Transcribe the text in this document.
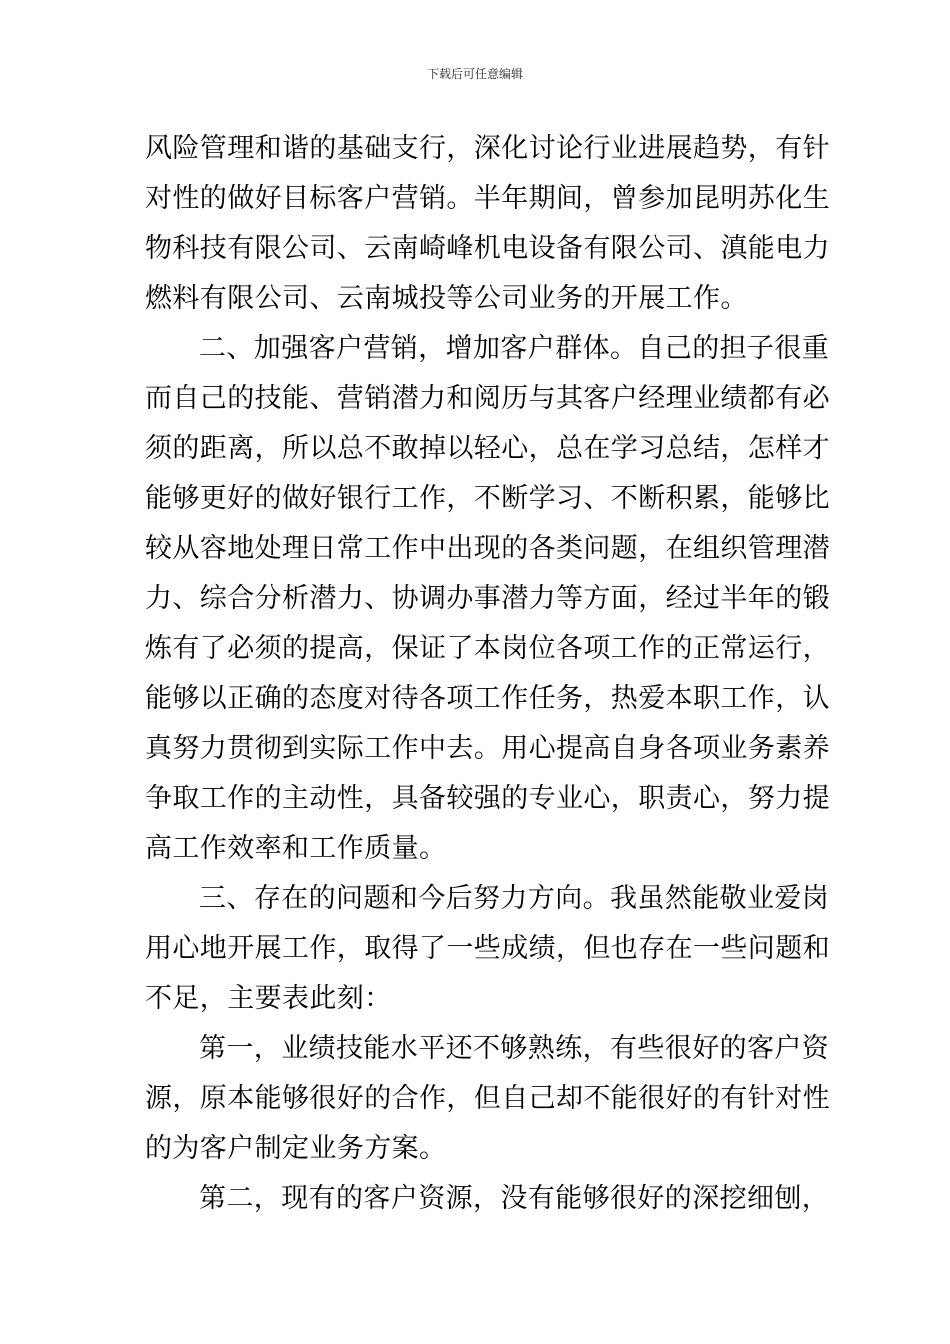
下载后可任意编辑
风险管理和谐的基础支行，深化讨论行业进展趋势，有针
对性的做好目标客户营销。半年期间，曾参加昆明苏化生
物科技有限公司、云南崎峰机电设备有限公司、滇能电力
燃料有限公司、云南城投等公司业务的开展工作。
二、加强客户营销，增加客户群体。自己的担子很重
而自己的技能、营销潜力和阅历与其客户经理业绩都有必
须的距离，所以总不敢掉以轻心，总在学习总结，怎样才
能够更好的做好银行工作，不断学习、不断积累，能够比
较从容地处理日常工作中出现的各类问题，在组织管理潜
力、综合分析潜力、协调办事潜力等方面，经过半年的锻
炼有了必须的提高，保证了本岗位各项工作的正常运行，
能够以正确的态度对待各项工作任务，热爱本职工作，认
真努力贯彻到实际工作中去。用心提高自身各项业务素养
争取工作的主动性，具备较强的专业心，职责心，努力提
高工作效率和工作质量。
三、存在的问题和今后努力方向。我虽然能敬业爱岗
用心地开展工作，取得了一些成绩，但也存在一些问题和
不足，主要表此刻：
第一，业绩技能水平还不够熟练，有些很好的客户资
源，原本能够很好的合作，但自己却不能很好的有针对性
的为客户制定业务方案。
第二，现有的客户资源，没有能够很好的深挖细刨，
